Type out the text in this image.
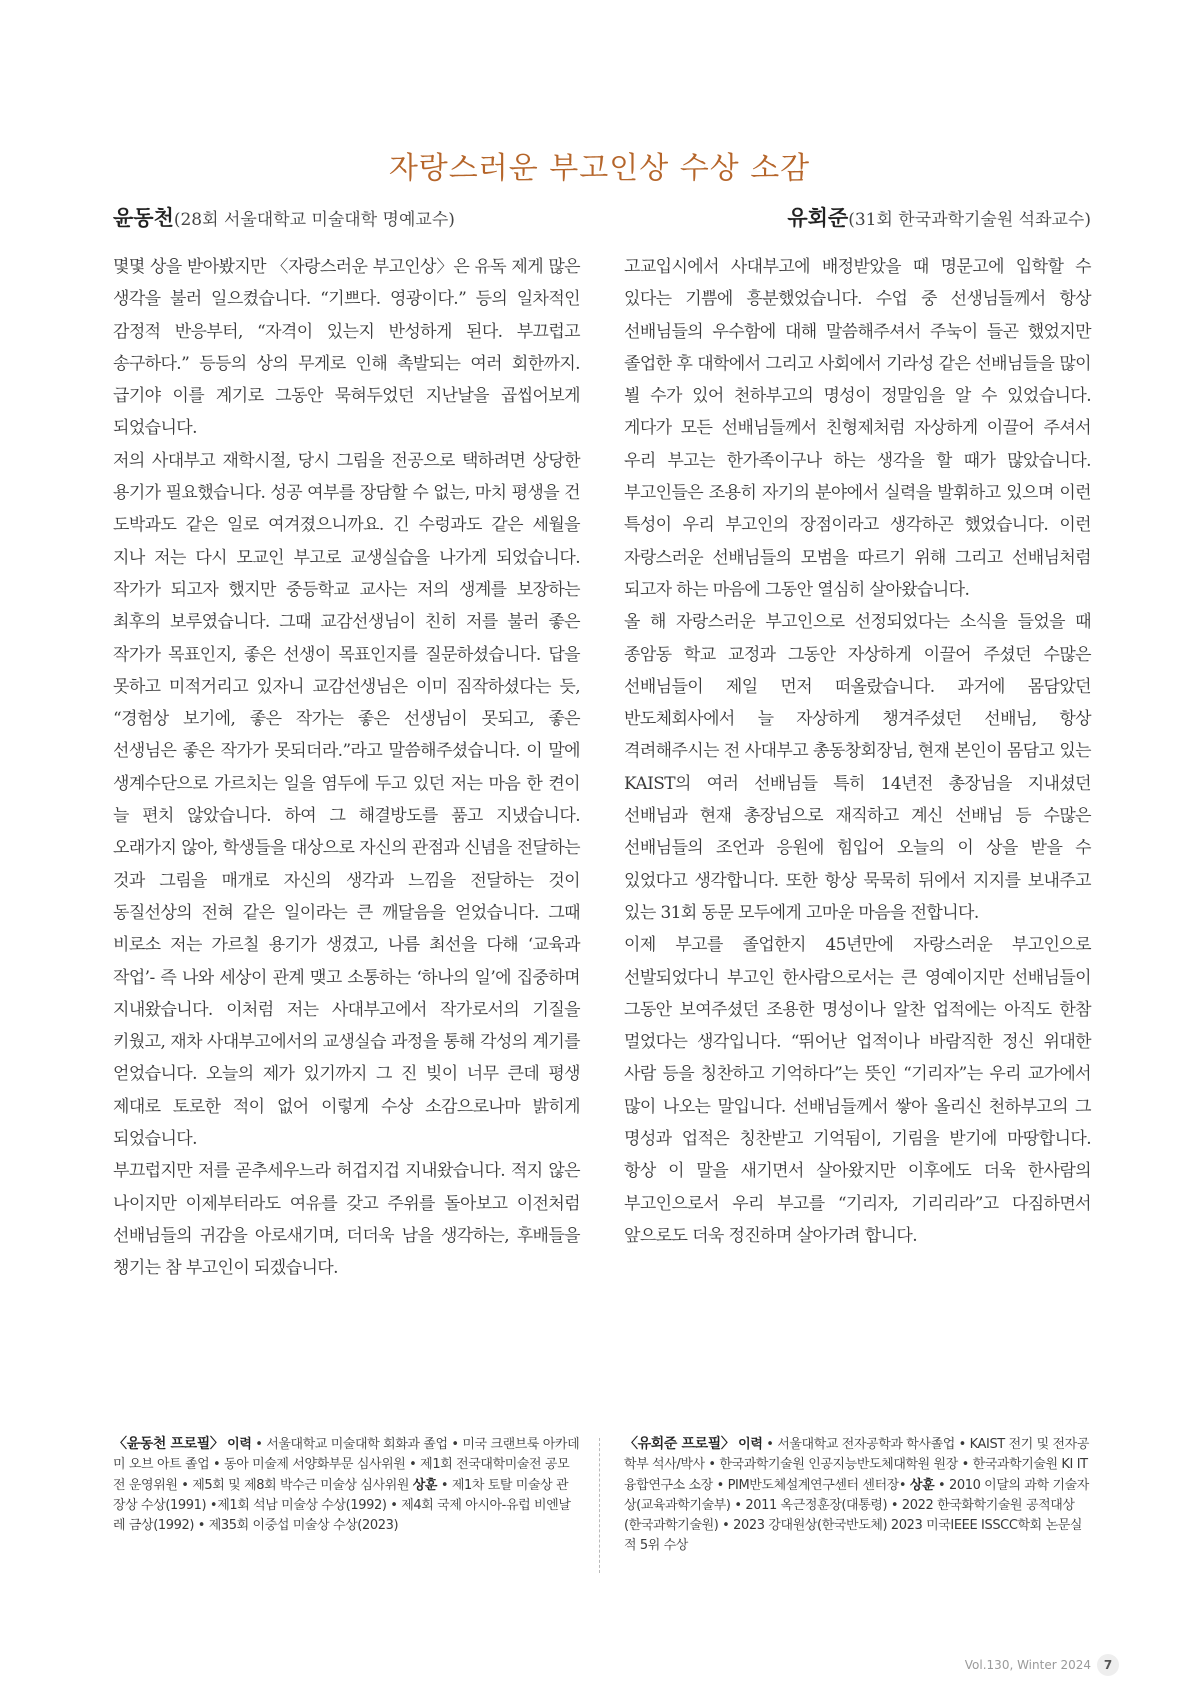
자랑스러운 부고인상 수상 소감
윤동천(28회 서울대학교 미술대학 명예교수)

몇몇 상을 받아봤지만 〈자랑스러운 부고인상〉은 유독 제게 많은 생각을 불러 일으켰습니다. “기쁘다. 영광이다.” 등의 일차적인 감정적 반응부터, “자격이 있는지 반성하게 된다. 부끄럽고 송구하다.” 등등의 상의 무게로 인해 촉발되는 여러 회한까지. 급기야 이를 계기로 그동안 묵혀두었던 지난날을 곱씹어보게 되었습니다.

저의 사대부고 재학시절, 당시 그림을 전공으로 택하려면 상당한 용기가 필요했습니다. 성공 여부를 장담할 수 없는, 마치 평생을 건 도박과도 같은 일로 여겨졌으니까요. 긴 수렁과도 같은 세월을 지나 저는 다시 모교인 부고로 교생실습을 나가게 되었습니다. 작가가 되고자 했지만 중등학교 교사는 저의 생계를 보장하는 최후의 보루였습니다. 그때 교감선생님이 친히 저를 불러 좋은 작가가 목표인지, 좋은 선생이 목표인지를 질문하셨습니다. 답을 못하고 미적거리고 있자니 교감선생님은 이미 짐작하셨다는 듯, “경험상 보기에, 좋은 작가는 좋은 선생님이 못되고, 좋은 선생님은 좋은 작가가 못되더라.”라고 말씀해주셨습니다. 이 말에 생계수단으로 가르치는 일을 염두에 두고 있던 저는 마음 한 켠이 늘 편치 않았습니다. 하여 그 해결방도를 품고 지냈습니다. 오래가지 않아, 학생들을 대상으로 자신의 관점과 신념을 전달하는 것과 그림을 매개로 자신의 생각과 느낌을 전달하는 것이 동질선상의 전혀 같은 일이라는 큰 깨달음을 얻었습니다. 그때 비로소 저는 가르칠 용기가 생겼고, 나름 최선을 다해 ‘교육과 작업’- 즉 나와 세상이 관계 맺고 소통하는 ‘하나의 일’에 집중하며 지내왔습니다. 이처럼 저는 사대부고에서 작가로서의 기질을 키웠고, 재차 사대부고에서의 교생실습 과정을 통해 각성의 계기를 얻었습니다. 오늘의 제가 있기까지 그 진 빚이 너무 큰데 평생 제대로 토로한 적이 없어 이렇게 수상 소감으로나마 밝히게 되었습니다.

부끄럽지만 저를 곧추세우느라 허겁지겁 지내왔습니다. 적지 않은 나이지만 이제부터라도 여유를 갖고 주위를 돌아보고 이전처럼 선배님들의 귀감을 아로새기며, 더더욱 남을 생각하는, 후배들을 챙기는 참 부고인이 되겠습니다.

유회준(31회 한국과학기술원 석좌교수)

고교입시에서 사대부고에 배정받았을 때 명문고에 입학할 수 있다는 기쁨에 흥분했었습니다. 수업 중 선생님들께서 항상 선배님들의 우수함에 대해 말씀해주셔서 주눅이 들곤 했었지만 졸업한 후 대학에서 그리고 사회에서 기라성 같은 선배님들을 많이 뵐 수가 있어 천하부고의 명성이 정말임을 알 수 있었습니다. 게다가 모든 선배님들께서 친형제처럼 자상하게 이끌어 주셔서 우리 부고는 한가족이구나 하는 생각을 할 때가 많았습니다. 부고인들은 조용히 자기의 분야에서 실력을 발휘하고 있으며 이런 특성이 우리 부고인의 장점이라고 생각하곤 했었습니다. 이런 자랑스러운 선배님들의 모범을 따르기 위해 그리고 선배님처럼 되고자 하는 마음에 그동안 열심히 살아왔습니다.

올 해 자랑스러운 부고인으로 선정되었다는 소식을 들었을 때 종암동 학교 교정과 그동안 자상하게 이끌어 주셨던 수많은 선배님들이 제일 먼저 떠올랐습니다. 과거에 몸담았던 반도체회사에서 늘 자상하게 챙겨주셨던 선배님, 항상 격려해주시는 전 사대부고 총동창회장님, 현재 본인이 몸담고 있는 KAIST의 여러 선배님들 특히 14년전 총장님을 지내셨던 선배님과 현재 총장님으로 재직하고 계신 선배님 등 수많은 선배님들의 조언과 응원에 힘입어 오늘의 이 상을 받을 수 있었다고 생각합니다. 또한 항상 묵묵히 뒤에서 지지를 보내주고 있는 31회 동문 모두에게 고마운 마음을 전합니다.

이제 부고를 졸업한지 45년만에 자랑스러운 부고인으로 선발되었다니 부고인 한사람으로서는 큰 영예이지만 선배님들이 그동안 보여주셨던 조용한 명성이나 알찬 업적에는 아직도 한참 멀었다는 생각입니다. “뛰어난 업적이나 바람직한 정신 위대한 사람 등을 칭찬하고 기억하다”는 뜻인 “기리자”는 우리 교가에서 많이 나오는 말입니다. 선배님들께서 쌓아 올리신 천하부고의 그 명성과 업적은 칭찬받고 기억됨이, 기림을 받기에 마땅합니다. 항상 이 말을 새기면서 살아왔지만 이후에도 더욱 한사람의 부고인으로서 우리 부고를 “기리자, 기리리라”고 다짐하면서 앞으로도 더욱 정진하며 살아가려 합니다.

〈윤동천 프로필〉 이력 • 서울대학교 미술대학 회화과 졸업 • 미국 크랜브룩 아카데미 오브 아트 졸업 • 동아 미술제 서양화부문 심사위원 • 제1회 전국대학미술전 공모전 운영위원 • 제5회 및 제8회 박수근 미술상 심사위원 상훈 • 제1차 토탈 미술상 관장상 수상(1991) •제1회 석남 미술상 수상(1992) • 제4회 국제 아시아-유럽 비엔날레 금상(1992) • 제35회 이중섭 미술상 수상(2023)
〈유회준 프로필〉 이력 • 서울대학교 전자공학과 학사졸업 • KAIST 전기 및 전자공학부 석사/박사 • 한국과학기술원 인공지능반도체대학원 원장 • 한국과학기술원 KI IT융합연구소 소장 • PIM반도체설계연구센터 센터장• 상훈 • 2010 이달의 과학 기술자상(교육과학기술부) • 2011 옥근정훈장(대통령) • 2022 한국화학기술원 공적대상(한국과학기술원) • 2023 강대원상(한국반도체) 2023 미국IEEE ISSCC학회 논문실적 5위 수상
Vol.130, Winter 2024	7
